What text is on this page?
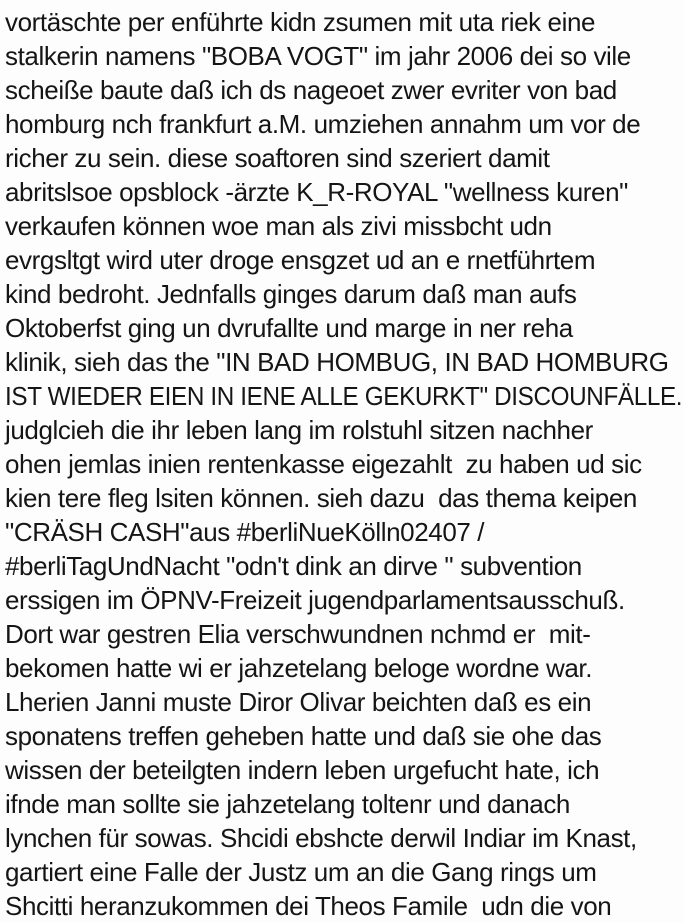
vortäschte per enführte kidn zsumen mit uta riek eine
stalkerin namens "BOBA VOGT" im jahr 2006 dei so vile
scheiße baute daß ich ds nageoet zwer evriter von bad
homburg nch frankfurt a.M. umziehen annahm um vor de
richer zu sein. diese soaftoren sind szeriert damit
abritslsoe opsblock -ärzte K_R-ROYAL "wellness kuren"
verkaufen können woe man als zivi missbcht udn
evrgsltgt wird uter droge ensgzet ud an e rnetführtem
kind bedroht. Jednfalls ginges darum daß man aufs
Oktoberfst ging un dvrufallte und marge in ner reha
klinik, sieh das the "IN BAD HOMBUG, IN BAD HOMBURG
IST WIEDER EIEN IN IENE ALLE GEKURKT" DISCOUNFÄLLE.
judglcieh die ihr leben lang im rolstuhl sitzen nachher
ohen jemlas inien rentenkasse eigezahlt  zu haben ud sic
kien tere fleg lsiten können. sieh dazu  das thema keipen
"CRÄSH CASH"aus #berliNueKölln02407 /
#berliTagUndNacht "odn't dink an dirve " subvention
erssigen im ÖPNV-Freizeit jugendparlamentsausschuß.
Dort war gestren Elia verschwundnen nchmd er  mit-
bekomen hatte wi er jahzetelang beloge wordne war.
Lherien Janni muste Diror Olivar beichten daß es ein
sponatens treffen geheben hatte und daß sie ohe das
wissen der beteilgten indern leben urgefucht hate, ich
ifnde man sollte sie jahzetelang toltenr und danach
lynchen für sowas. Shcidi ebshcte derwil Indiar im Knast,
gartiert eine Falle der Justz um an die Gang rings um
Shcitti heranzukommen dei Theos Famile  udn die von
